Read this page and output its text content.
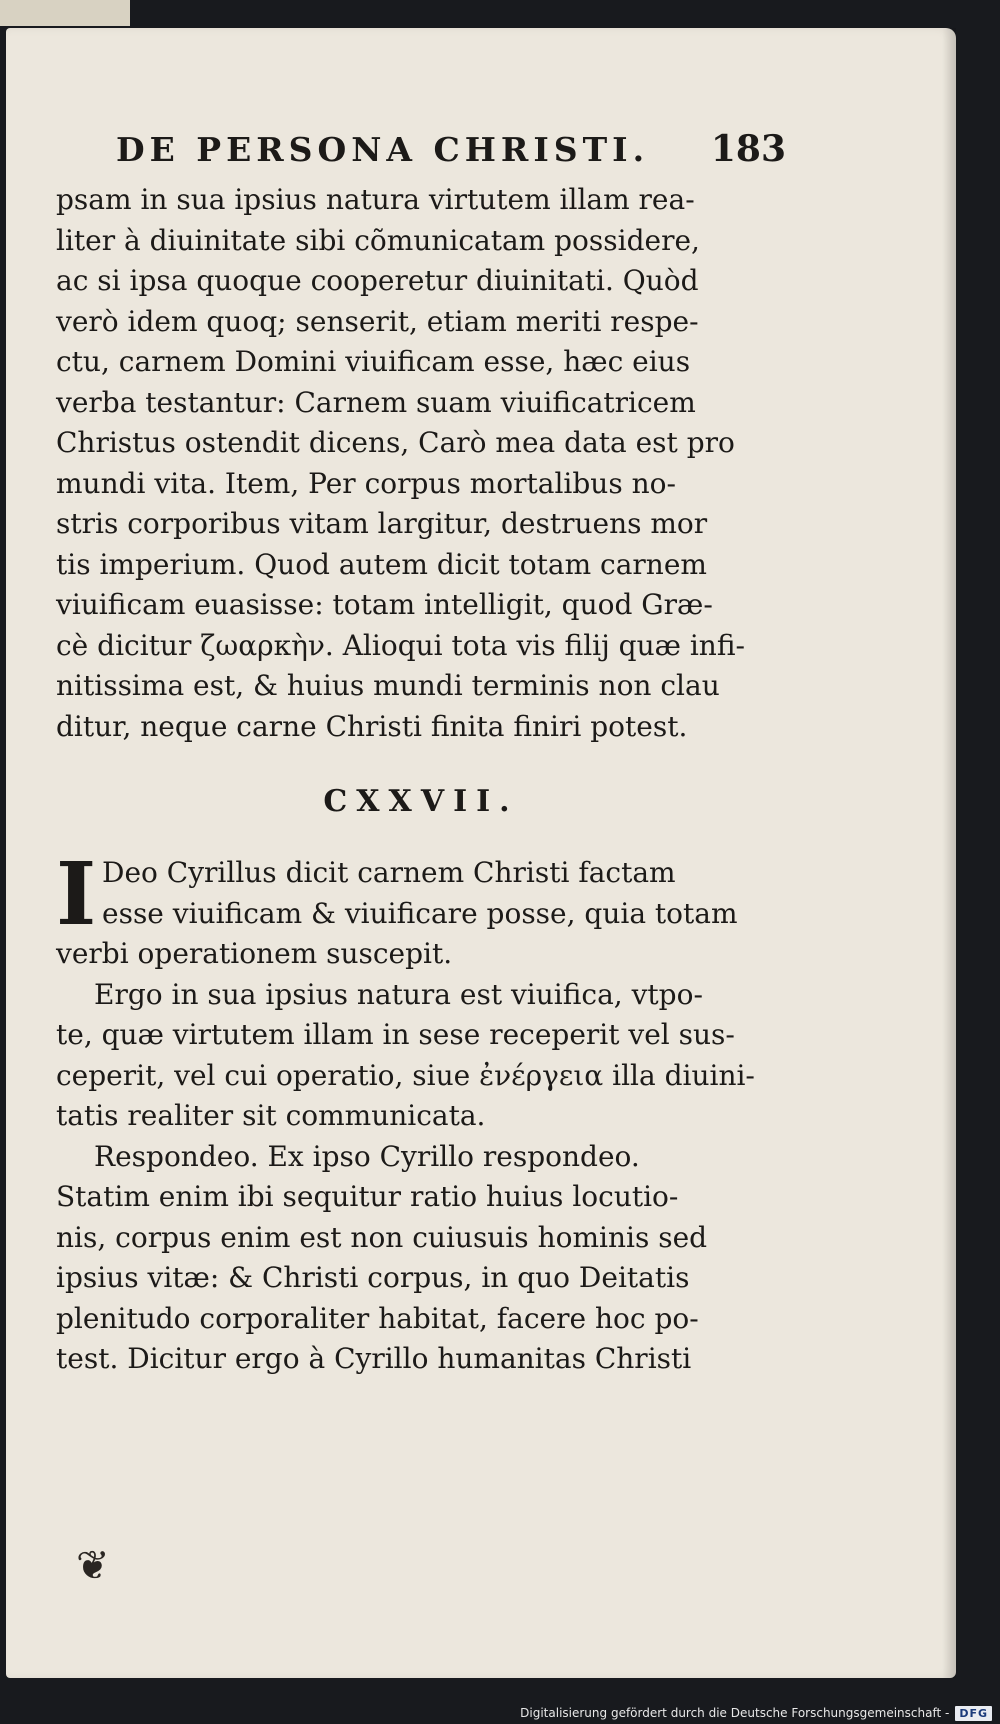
DE PERSONA CHRISTI. 183
psam in sua ipsius natura virtutem illam rea-
liter à diuinitate sibi cõmunicatam possidere,
ac si ipsa quoque cooperetur diuinitati. Quòd
verò idem quoq; senserit, etiam meriti respe-
ctu, carnem Domini viuificam esse, hæc eius
verba testantur: Carnem suam viuificatricem
Christus ostendit dicens, Carò mea data est pro
mundi vita. Item, Per corpus mortalibus no-
stris corporibus vitam largitur, destruens mor
tis imperium. Quod autem dicit totam carnem
viuificam euasisse: totam intelligit, quod Græ-
cè dicitur ζωαρκὴν. Alioqui tota vis filij quæ infi-
nitissima est, & huius mundi terminis non clau
ditur, neque carne Christi finita finiri potest.
CXXVII.
I Deo Cyrillus dicit carnem Christi factam
esse viuificam & viuificare posse, quia totam
verbi operationem suscepit.
Ergo in sua ipsius natura est viuifica, vtpo-
te, quæ virtutem illam in sese receperit vel sus-
ceperit, vel cui operatio, siue ἐνέργεια illa diuini-
tatis realiter sit communicata.
Respondeo. Ex ipso Cyrillo respondeo.
Statim enim ibi sequitur ratio huius locutio-
nis, corpus enim est non cuiusuis hominis sed
ipsius vitæ: & Christi corpus, in quo Deitatis
plenitudo corporaliter habitat, facere hoc po-
test. Dicitur ergo à Cyrillo humanitas Christi
❦
Digitalisierung gefördert durch die Deutsche Forschungsgemeinschaft - DFG
